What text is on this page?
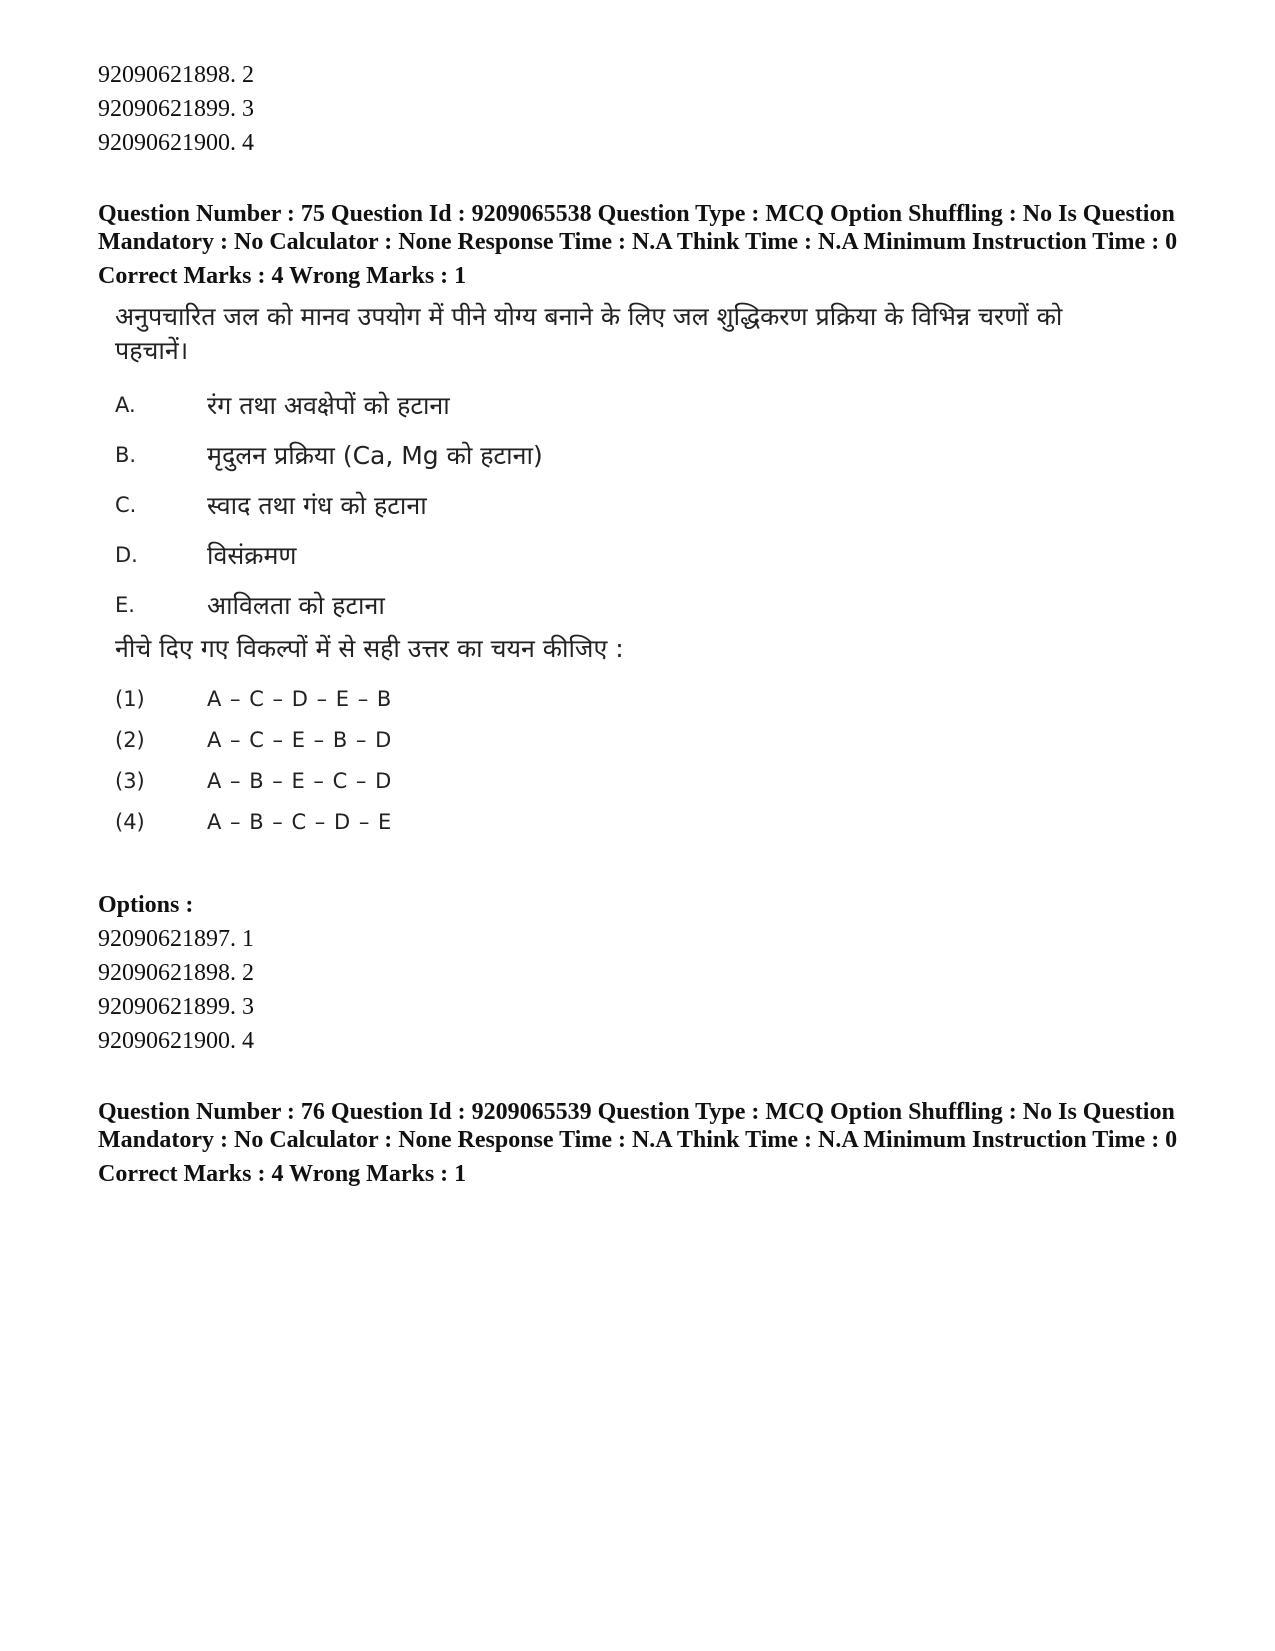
92090621898. 2
92090621899. 3
92090621900. 4

Question Number : 75 Question Id : 9209065538 Question Type : MCQ Option Shuffling : No Is Question Mandatory : No Calculator : None Response Time : N.A Think Time : N.A Minimum Instruction Time : 0

Correct Marks : 4 Wrong Marks : 1

अनुपचारित जल को मानव उपयोग में पीने योग्य बनाने के लिए जल शुद्धिकरण प्रक्रिया के विभिन्न चरणों को पहचानें।

A.	रंग तथा अवक्षेपों को हटाना
B.	मृदुलन प्रक्रिया (Ca, Mg को हटाना)
C.	स्वाद तथा गंध को हटाना
D.	विसंक्रमण
E.	आविलता को हटाना

नीचे दिए गए विकल्पों में से सही उत्तर का चयन कीजिए :

(1)	A – C – D – E – B
(2)	A – C – E – B – D
(3)	A – B – E – C – D
(4)	A – B – C – D – E
Options :
92090621897. 1
92090621898. 2
92090621899. 3
92090621900. 4

Question Number : 76 Question Id : 9209065539 Question Type : MCQ Option Shuffling : No Is Question Mandatory : No Calculator : None Response Time : N.A Think Time : N.A Minimum Instruction Time : 0

Correct Marks : 4 Wrong Marks : 1
